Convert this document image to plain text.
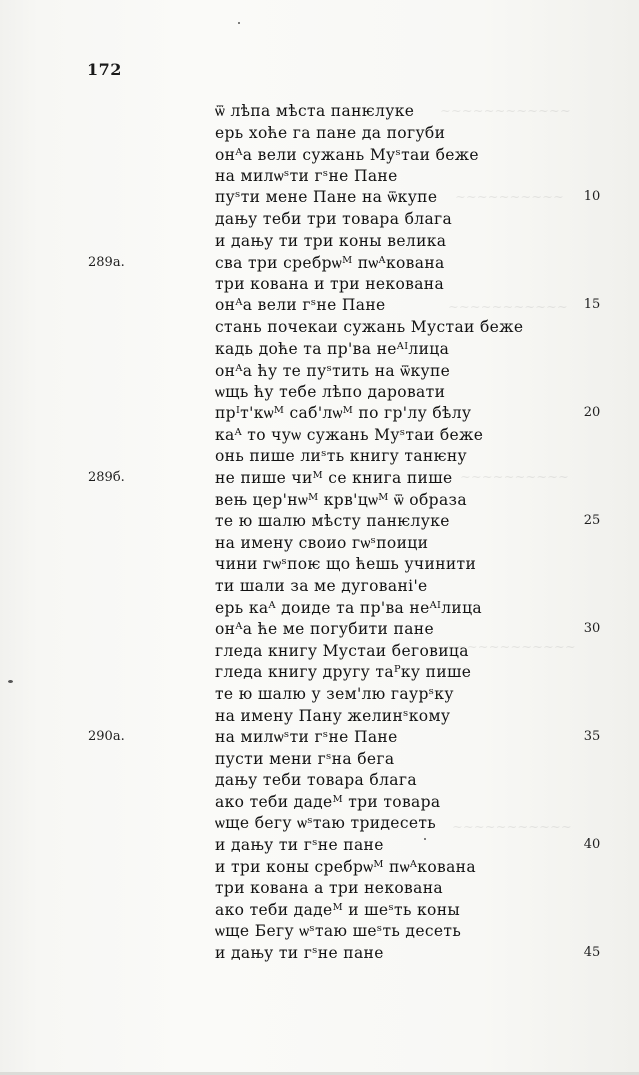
~~~~~~~~~~~~
~~~~~~~~~~
~~~~~~~~~~~
~~~~~~~~~~
~~~~~~~~~~~~
~~~~~~~~~~~
172
ѿ лѣпа мѣста панѥлуке
ерь хоће га пане да погуби
онᴬа вели сужань Муˢтаи беже
на милѡˢти гˢне Пане
пуˢти мене Пане на ѿкупе
дању теби три товара блага
и дању ти три коны велика
сва три сребрѡᴹ пѡᴬкована
три кована и три некована
онᴬа вели гˢне Пане
стань почекаи сужань Мустаи беже
кадь доће та пр'ва неᴬᴵлица
онᴬа ћу те пуˢтить на ѿкупе
ѡщь ћу тебе лѣпо даровати
прᴵт'кѡᴹ саб'лѡᴹ по гр'лу бѣлу
каᴬ то чуѡ сужань Муˢтаи беже
онь пише лиˢть книгу танѥну
не пише чиᴹ се книга пише
вењ цер'нѡᴹ крв'цѡᴹ ѿ образа
те ю шалю мѣсту панѥлуке
на имену своио гѡˢпоици
чини гѡˢпоѥ що ћешь учинити
ти шали за ме дуговані'е
ерь каᴬ доиде та пр'ва неᴬᴵлица
онᴬа ће ме погубити пане
гледа книгу Мустаи беговица
гледа книгу другу таᴾку пише
те ю шалю у зем'лю гаурˢку
на имену Пану желинˢкому
на милѡˢти гˢне Пане
пусти мени гˢна бега
дању теби товара блага
ако теби дадеᴹ три товара
ѡще бегу ѡˢтаю тридесеть
и дању ти гˢне пане
и три коны сребрѡᴹ пѡᴬкована
три кована а три некована
ако теби дадеᴹ и шеˢть коны
ѡще Бегу ѡˢтаю шеˢть десеть
и дању ти гˢне пане
289a.
289б.
290a.
10
15
20
25
30
35
40
45
